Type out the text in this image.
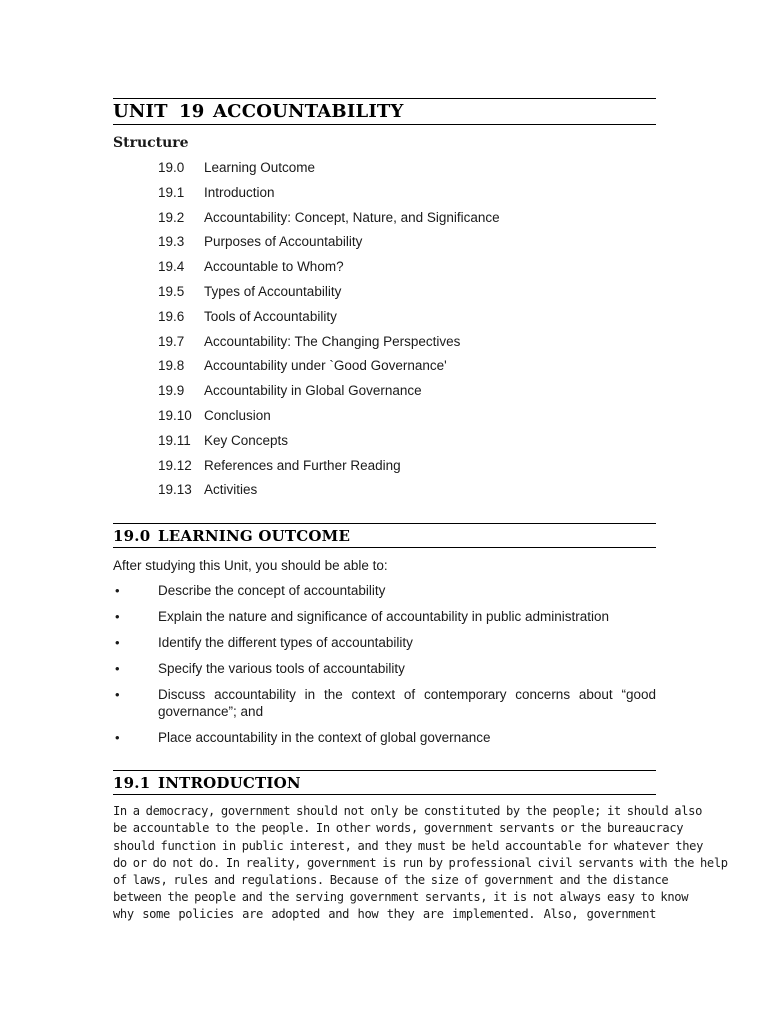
UNIT 19 ACCOUNTABILITY
Structure
19.0 Learning Outcome
19.1 Introduction
19.2 Accountability: Concept, Nature, and Significance
19.3 Purposes of Accountability
19.4 Accountable to Whom?
19.5 Types of Accountability
19.6 Tools of Accountability
19.7 Accountability: The Changing Perspectives
19.8 Accountability under `Good Governance'
19.9 Accountability in Global Governance
19.10 Conclusion
19.11 Key Concepts
19.12 References and Further Reading
19.13 Activities
19.0 LEARNING OUTCOME
After studying this Unit, you should be able to:
•	Describe the concept of accountability
•	Explain the nature and significance of accountability in public administration
•	Identify the different types of accountability
•	Specify the various tools of accountability
•	Discuss accountability in the context of contemporary concerns about “good governance”; and
•	Place accountability in the context of global governance
19.1 INTRODUCTION
In a democracy, government should not only be constituted by the people; it should also
be accountable to the people. In other words, government servants or the bureaucracy
should function in public interest, and they must be held accountable for whatever they
do or do not do. In reality, government is run by professional civil servants with the help
of laws, rules and regulations. Because of the size of government and the distance
between the people and the serving government servants, it is not always easy to know
why some policies are adopted and how they are implemented. Also, government
